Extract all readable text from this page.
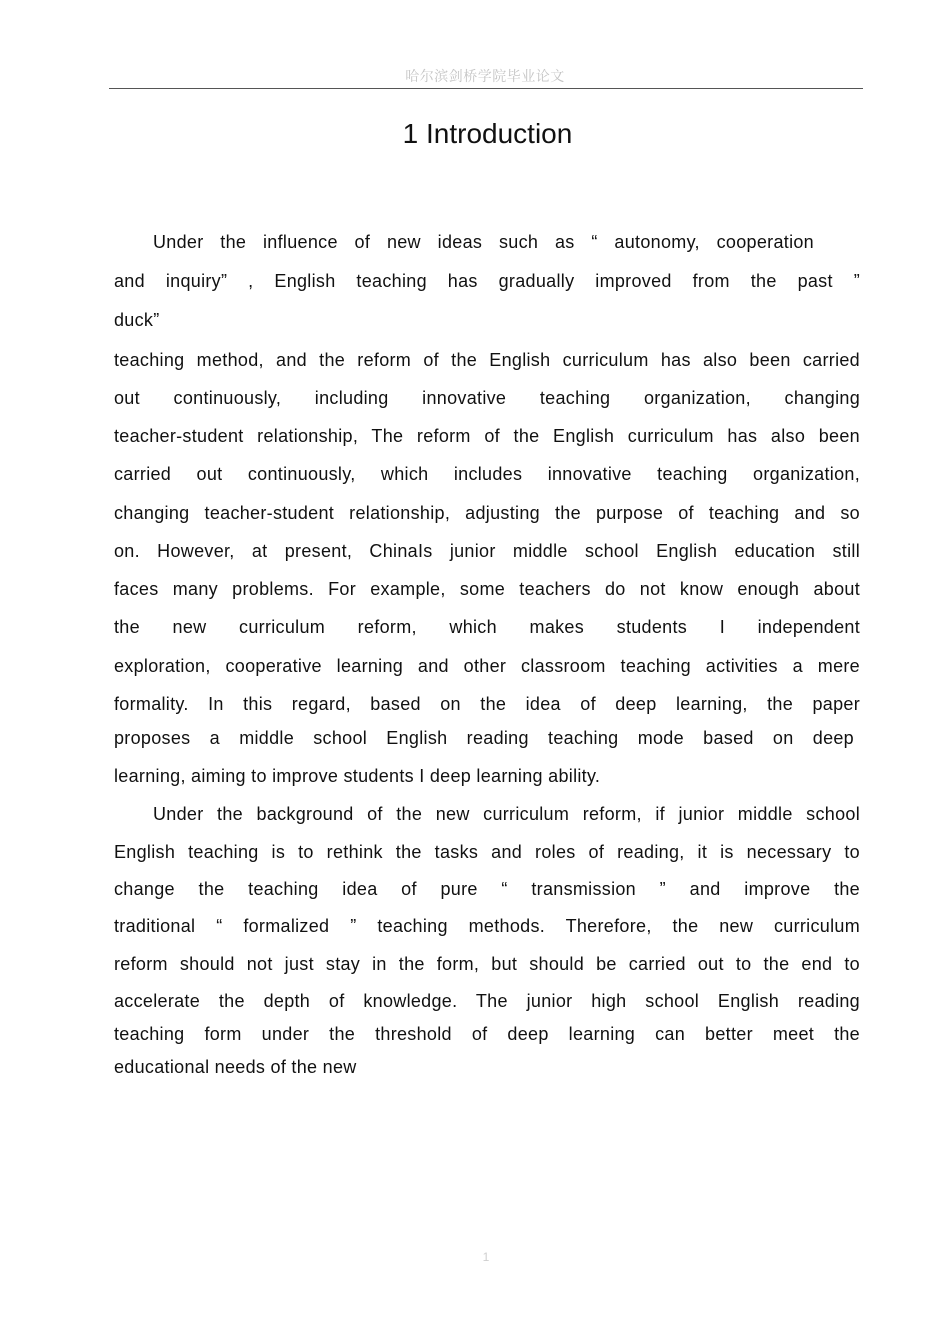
哈尔滨剑桥学院毕业论文
1 Introduction

Under the influence of new ideas such as “ autonomy, cooperation

and inquiry” , English teaching has gradually improved from the past ”

duck”

teaching method, and the reform of the English curriculum has also been carried

out continuously, including innovative teaching organization, changing

teacher-student relationship, The reform of the English curriculum has also been

carried out continuously, which includes innovative teaching organization,

changing teacher-student relationship, adjusting the purpose of teaching and so

on. However, at present, ChinaIs junior middle school English education still

faces many problems. For example, some teachers do not know enough about

the new curriculum reform, which makes students I independent

exploration, cooperative learning and other classroom teaching activities a mere

formality. In this regard, based on the idea of deep learning, the paper

proposes a middle school English reading teaching mode based on deep

learning, aiming to improve students I deep learning ability.

Under the background of the new curriculum reform, if junior middle school

English teaching is to rethink the tasks and roles of reading, it is necessary to

change the teaching idea of pure “ transmission ” and improve the

traditional “ formalized ” teaching methods. Therefore, the new curriculum

reform should not just stay in the form, but should be carried out to the end to

accelerate the depth of knowledge. The junior high school English reading

teaching form under the threshold of deep learning can better meet the

educational needs of the new

1
